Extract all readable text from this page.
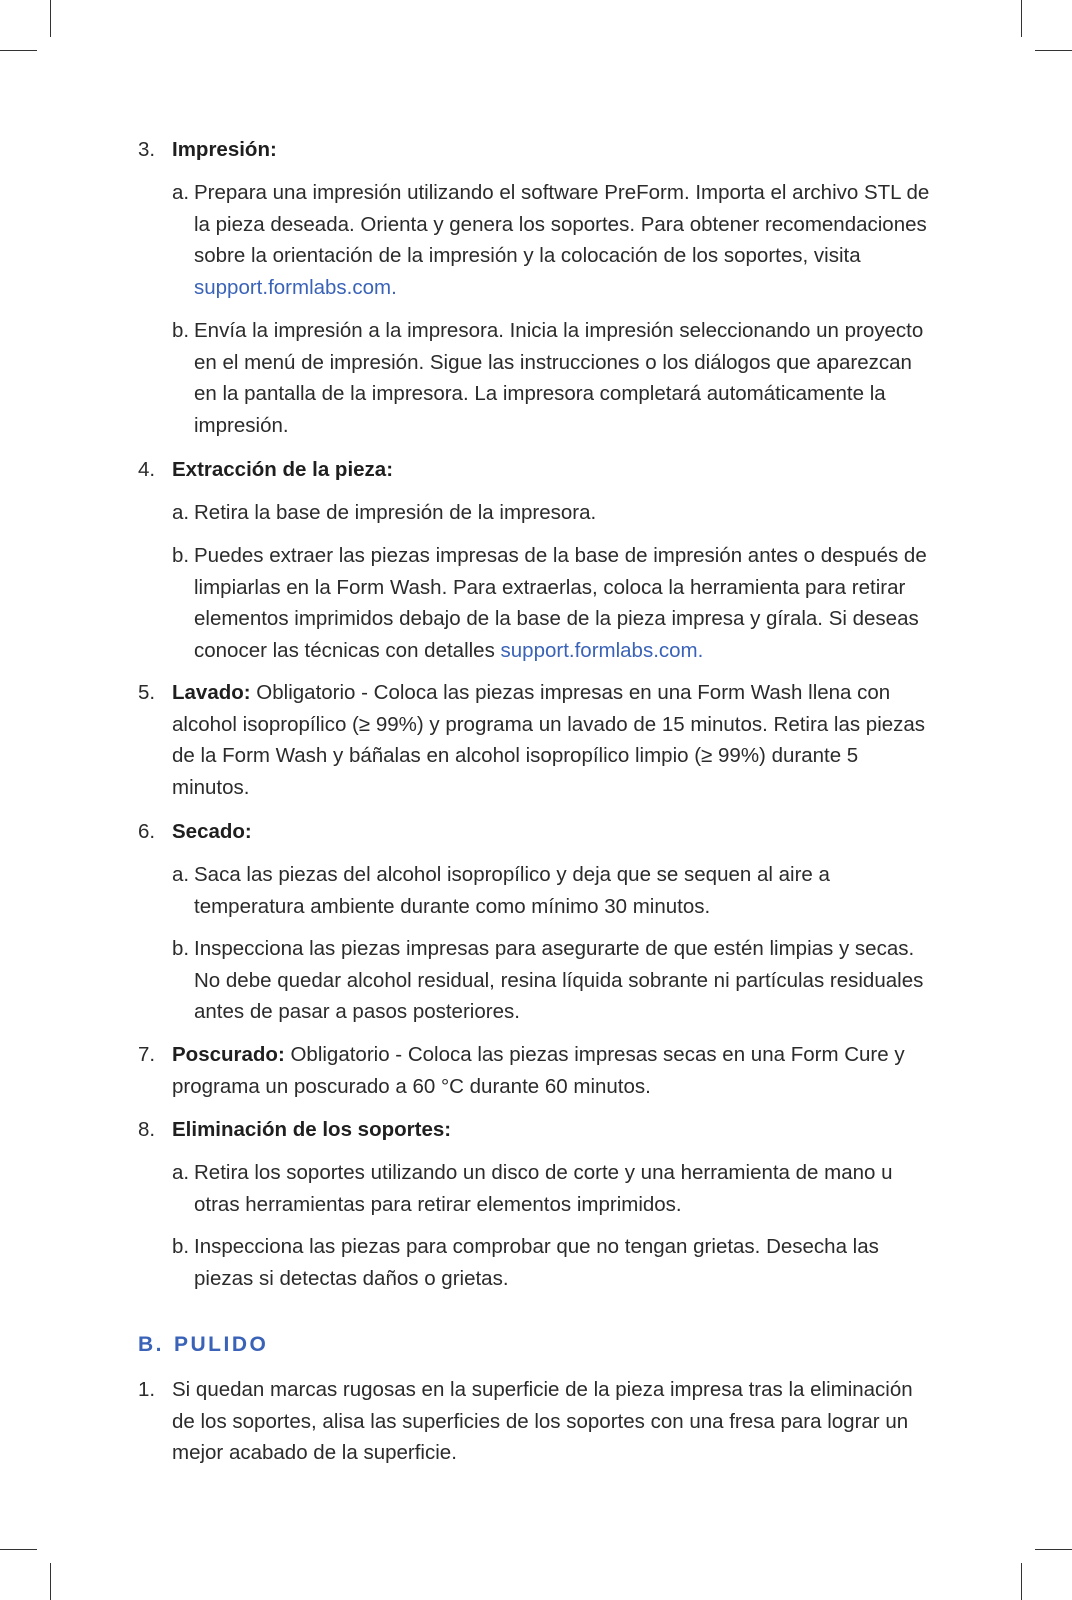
3. Impresión:
a. Prepara una impresión utilizando el software PreForm. Importa el archivo STL de la pieza deseada. Orienta y genera los soportes. Para obtener recomendaciones sobre la orientación de la impresión y la colocación de los soportes, visita support.formlabs.com.
b. Envía la impresión a la impresora. Inicia la impresión seleccionando un proyecto en el menú de impresión. Sigue las instrucciones o los diálogos que aparezcan en la pantalla de la impresora. La impresora completará automáticamente la impresión.
4. Extracción de la pieza:
a. Retira la base de impresión de la impresora.
b. Puedes extraer las piezas impresas de la base de impresión antes o después de limpiarlas en la Form Wash. Para extraerlas, coloca la herramienta para retirar elementos imprimidos debajo de la base de la pieza impresa y gírala. Si deseas conocer las técnicas con detalles support.formlabs.com.
5. Lavado: Obligatorio - Coloca las piezas impresas en una Form Wash llena con alcohol isopropílico (≥ 99%) y programa un lavado de 15 minutos. Retira las piezas de la Form Wash y báñalas en alcohol isopropílico limpio (≥ 99%) durante 5 minutos.
6. Secado:
a. Saca las piezas del alcohol isopropílico y deja que se sequen al aire a temperatura ambiente durante como mínimo 30 minutos.
b. Inspecciona las piezas impresas para asegurarte de que estén limpias y secas. No debe quedar alcohol residual, resina líquida sobrante ni partículas residuales antes de pasar a pasos posteriores.
7. Poscurado: Obligatorio - Coloca las piezas impresas secas en una Form Cure y programa un poscurado a 60 °C durante 60 minutos.
8. Eliminación de los soportes:
a. Retira los soportes utilizando un disco de corte y una herramienta de mano u otras herramientas para retirar elementos imprimidos.
b. Inspecciona las piezas para comprobar que no tengan grietas. Desecha las piezas si detectas daños o grietas.
B. PULIDO
1. Si quedan marcas rugosas en la superficie de la pieza impresa tras la eliminación de los soportes, alisa las superficies de los soportes con una fresa para lograr un mejor acabado de la superficie.
